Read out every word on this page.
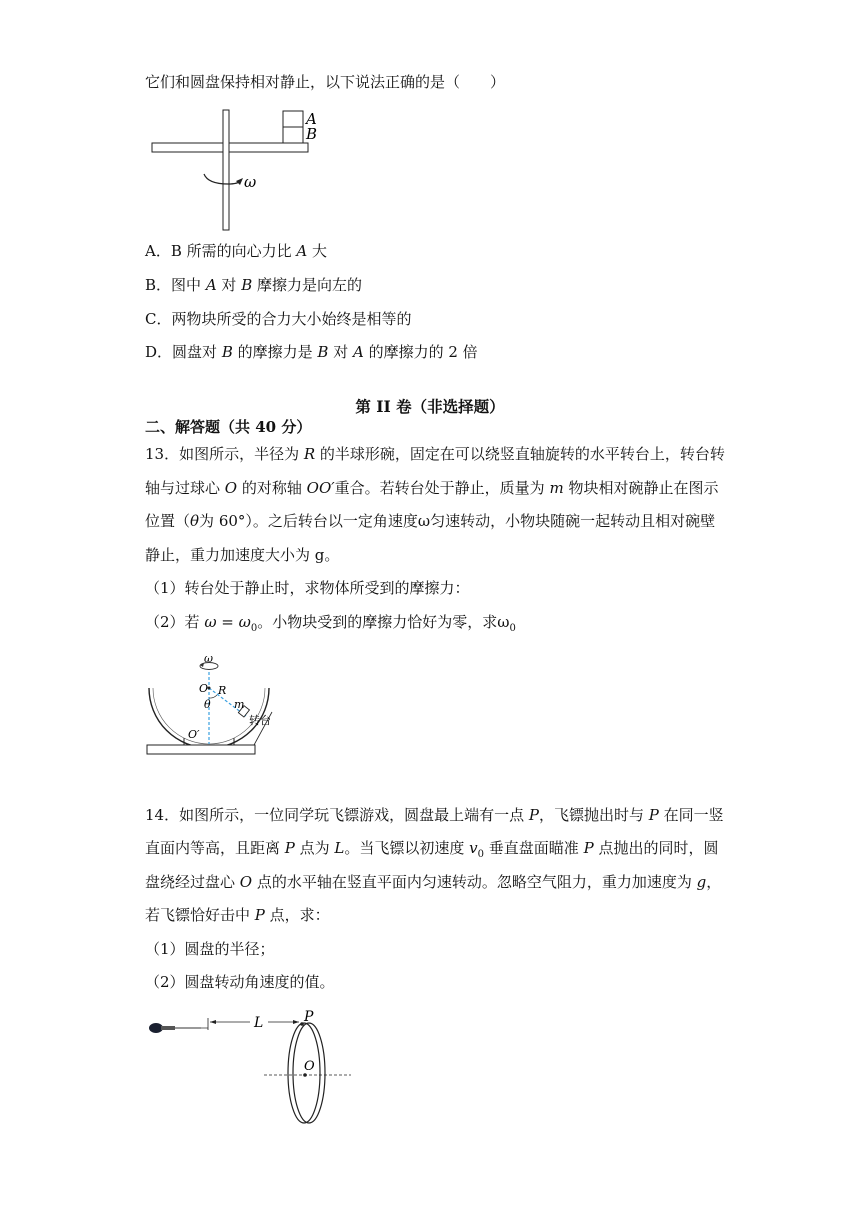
它们和圆盘保持相对静止，以下说法正确的是（　　）
A
B
ω
A．B 所需的向心力比 A 大
B．图中 A 对 B 摩擦力是向左的
C．两物块所受的合力大小始终是相等的
D．圆盘对 B 的摩擦力是 B 对 A 的摩擦力的 2 倍
第 II 卷（非选择题）
二、解答题（共 40 分）
13．如图所示，半径为 R 的半球形碗，固定在可以绕竖直轴旋转的水平转台上，转台转
轴与过球心 O 的对称轴 OO′重合。若转台处于静止，质量为 m 物块相对碗静止在图示
位置（θ为 60°）。之后转台以一定角速度ω匀速转动，小物块随碗一起转动且相对碗壁
静止，重力加速度大小为 g。
（1）转台处于静止时，求物体所受到的摩擦力：
（2）若 $\omega = \omega_0$。小物块受到的摩擦力恰好为零，求$\omega_0$
ω
O
O′
R
θ m
转台
14．如图所示，一位同学玩飞镖游戏，圆盘最上端有一点 P，飞镖抛出时与 P 在同一竖
直面内等高，且距离 P 点为 L。当飞镖以初速度 $v_0$ 垂直盘面瞄准 P 点抛出的同时，圆
盘绕经过盘心 O 点的水平轴在竖直平面内匀速转动。忽略空气阻力，重力加速度为 g，
若飞镖恰好击中 P 点，求：
（1）圆盘的半径；
（2）圆盘转动角速度的值。
L	P
O
